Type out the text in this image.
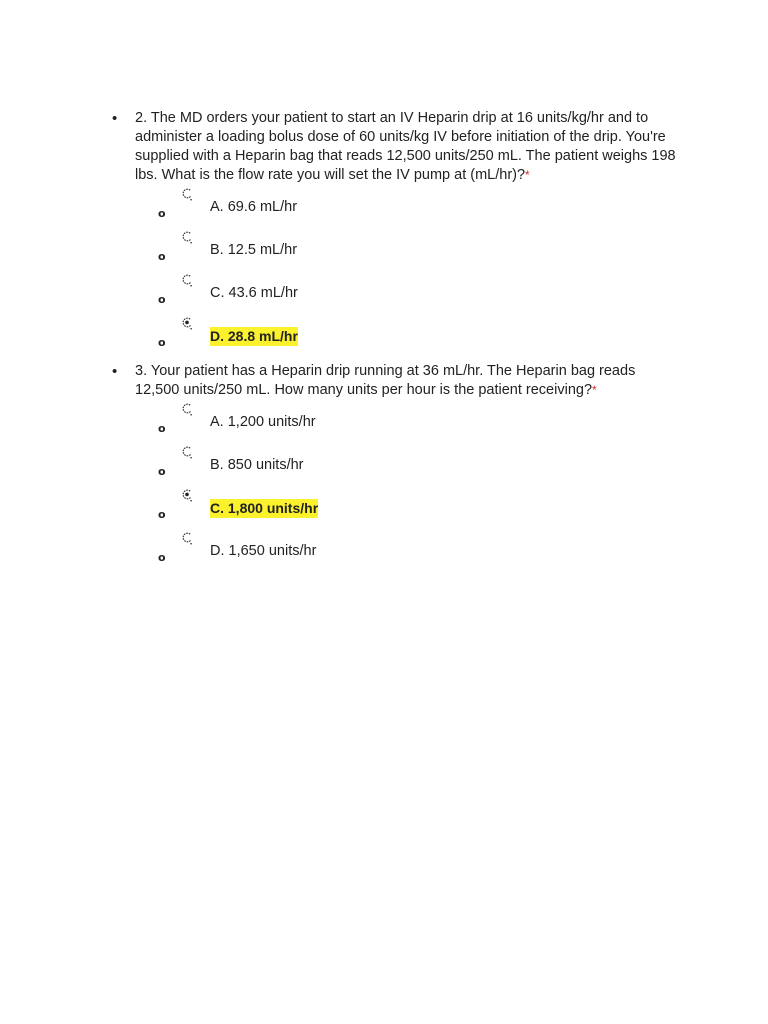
• 2. The MD orders your patient to start an IV Heparin drip at 16 units/kg/hr and to administer a loading bolus dose of 60 units/kg IV before initiation of the drip. You're supplied with a Heparin bag that reads 12,500 units/250 mL. The patient weighs 198 lbs. What is the flow rate you will set the IV pump at (mL/hr)?*
o	A. 69.6 mL/hr
o	B. 12.5 mL/hr
o	C. 43.6 mL/hr
o	D. 28.8 mL/hr
• 3. Your patient has a Heparin drip running at 36 mL/hr. The Heparin bag reads 12,500 units/250 mL. How many units per hour is the patient receiving?*
o	A. 1,200 units/hr
o	B. 850 units/hr
o	C. 1,800 units/hr
o	D. 1,650 units/hr
